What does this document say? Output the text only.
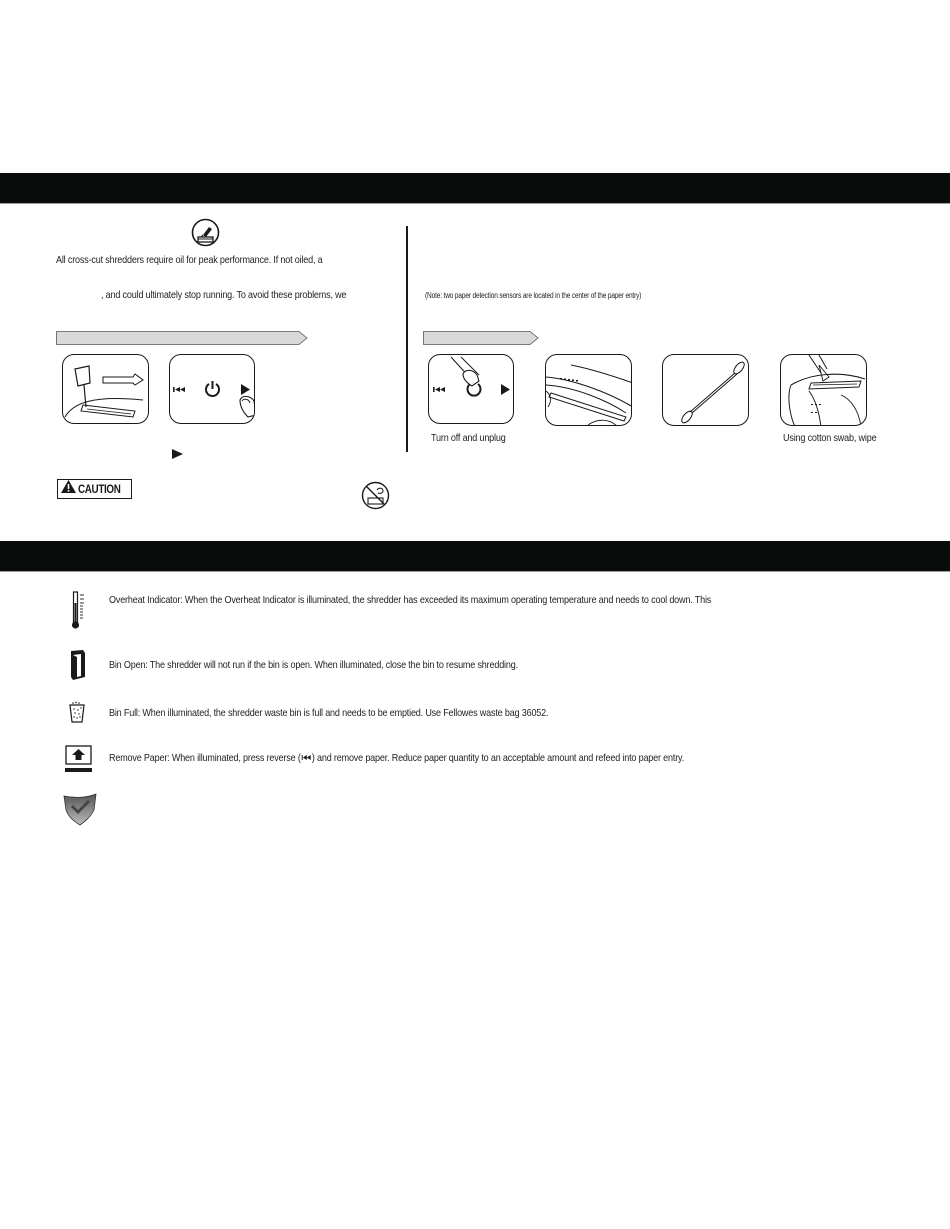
All cross-cut shredders require oil for peak performance. If not oiled, a
, and could ultimately stop running. To avoid these problems, we	(Note: two paper detection sensors are located in the center of the paper entry)
Turn off and unplug	Using cotton swab, wipe
CAUTION
Overheat Indicator: When the Overheat Indicator is illuminated, the shredder has exceeded its maximum operating temperature and needs to cool down. This
Bin Open: The shredder will not run if the bin is open. When illuminated, close the bin to resume shredding.
Bin Full: When illuminated, the shredder waste bin is full and needs to be emptied. Use Fellowes waste bag 36052.
Remove Paper: When illuminated, press reverse ( ) and remove paper. Reduce paper quantity to an acceptable amount and refeed into paper entry.
